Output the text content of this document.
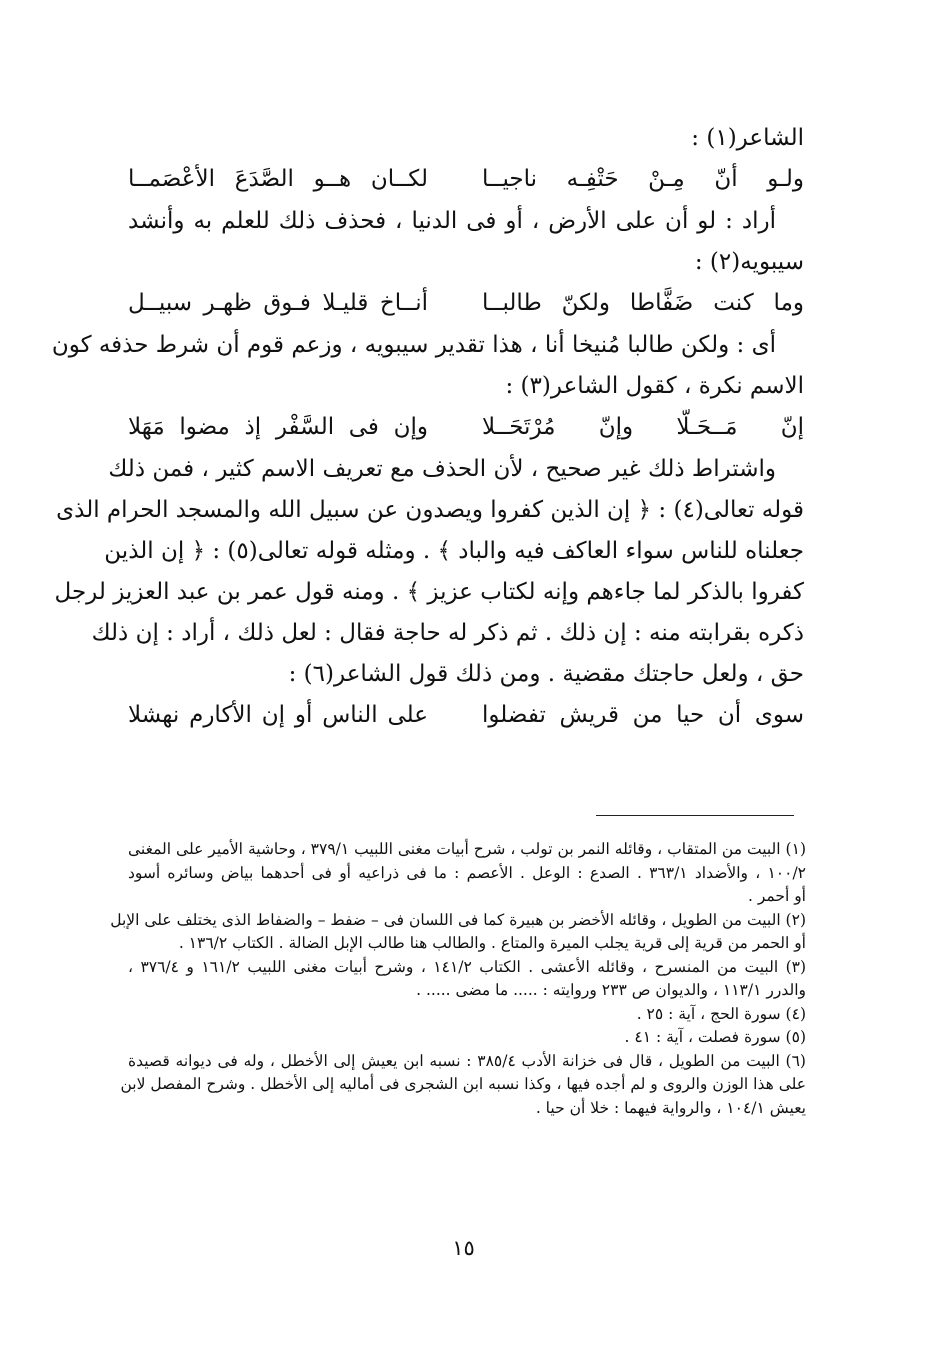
الشاعر(١) :
ولـو أنّ مِـنْ حَتْفِـه ناجيــا
لكــان هــو الصَّدَعَ الأعْصَمــا
أراد : لو أن على الأرض ، أو فى الدنيا ، فحذف ذلك للعلم به وأنشد
سيبويه(٢) :
وما كنت ضَفَّاطا ولكنّ طالبــا
أنــاخ قليـلا فـوق ظهـر سبيــل
أى : ولكن طالبا مُنيخا أنا ، هذا تقدير سيبويه ، وزعم قوم أن شرط حذفه كون
الاسم نكرة ، كقول الشاعر(٣) :
إنّ مَــحَـلّا وإنّ مُرْتَحَــلا
وإن فى السَّفْر إذ مضوا مَهَلا
واشتراط ذلك غير صحيح ، لأن الحذف مع تعريف الاسم كثير ، فمن ذلك
قوله تعالى(٤) : ﴿ إن الذين كفروا ويصدون عن سبيل الله والمسجد الحرام الذى
جعلناه للناس سواء العاكف فيه والباد ﴾ . ومثله قوله تعالى(٥) : ﴿ إن الذين
كفروا بالذكر لما جاءهم وإنه لكتاب عزيز ﴾ . ومنه قول عمر بن عبد العزيز لرجل
ذكره بقرابته منه : إن ذلك . ثم ذكر له حاجة فقال : لعل ذلك ، أراد : إن ذلك
حق ، ولعل حاجتك مقضية . ومن ذلك قول الشاعر(٦) :
سوى أن حيا من قريش تفضلوا
على الناس أو إن الأكارم نهشلا
(١) البيت من المتقاب ، وقائله النمر بن تولب ، شرح أبيات مغنى اللبيب ٣٧٩/١ ، وحاشية الأمير على المغنى
١٠٠/٢ ، والأضداد ٣٦٣/١ . الصدع : الوعل . الأعصم : ما فى ذراعيه أو فى أحدهما بياض وسائره أسود
أو أحمر .
(٢) البيت من الطويل ، وقائله الأخضر بن هبيرة كما فى اللسان فى – ضفط – والضفاط الذى يختلف على الإبل
أو الحمر من قرية إلى قرية يجلب الميرة والمتاع . والطالب هنا طالب الإبل الضالة . الكتاب ١٣٦/٢ .
(٣) البيت من المنسرح ، وقائله الأعشى . الكتاب ١٤١/٢ ، وشرح أبيات مغنى اللبيب ١٦١/٢ و ٣٧٦/٤ ،
والدرر ١١٣/١ ، والديوان ص ٢٣٣ وروايته : ..... ما مضى ..... .
(٤) سورة الحج ، آية : ٢٥ .
(٥) سورة فصلت ، آية : ٤١ .
(٦) البيت من الطويل ، قال فى خزانة الأدب ٣٨٥/٤ : نسبه ابن يعيش إلى الأخطل ، وله فى ديوانه قصيدة
على هذا الوزن والروى و لم أجده فيها ، وكذا نسبه ابن الشجرى فى أماليه إلى الأخطل . وشرح المفصل لابن
يعيش ١٠٤/١ ، والرواية فيهما : خلا أن حيا .
١٥
